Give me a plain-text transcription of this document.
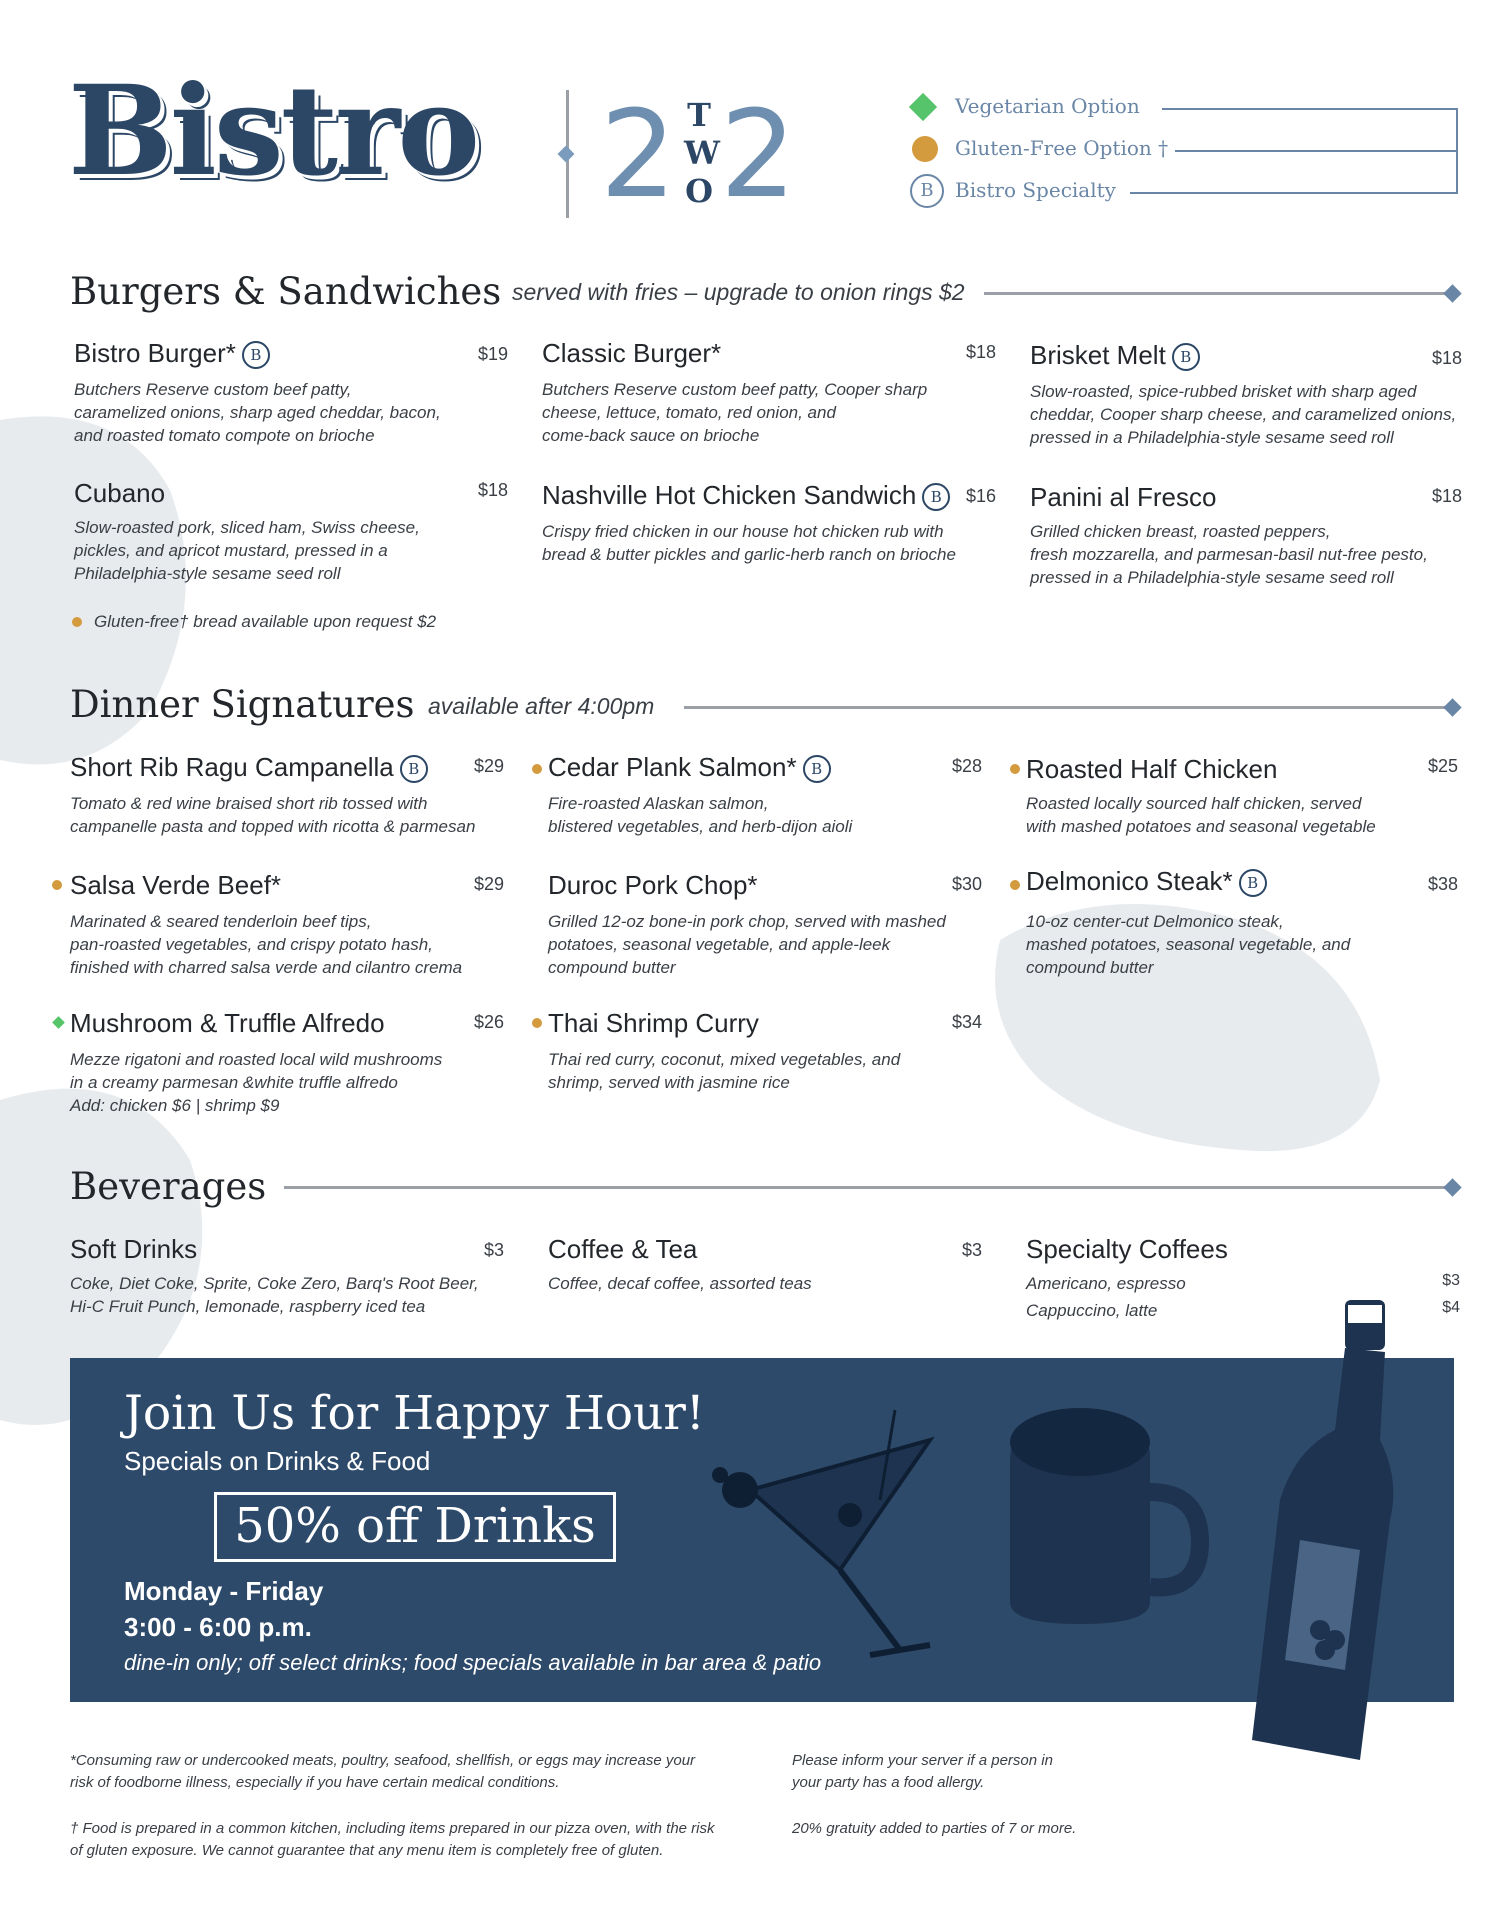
Bistro 2 T
W
O 2	Vegetarian Option
Gluten-Free Option †
B	Bistro Specialty
Burgers & Sandwiches served with fries – upgrade to onion rings $2
Bistro Burger* B	$19
Butchers Reserve custom beef patty,
caramelized onions, sharp aged cheddar, bacon,
and roasted tomato compote on brioche
Classic Burger*	$18
Butchers Reserve custom beef patty, Cooper sharp
cheese, lettuce, tomato, red onion, and
come-back sauce on brioche
Brisket Melt B	$18
Slow-roasted, spice-rubbed brisket with sharp aged
cheddar, Cooper sharp cheese, and caramelized onions,
pressed in a Philadelphia-style sesame seed roll
Cubano	$18
Slow-roasted pork, sliced ham, Swiss cheese,
pickles, and apricot mustard, pressed in a
Philadelphia-style sesame seed roll
Nashville Hot Chicken Sandwich B	$16
Crispy fried chicken in our house hot chicken rub with
bread & butter pickles and garlic-herb ranch on brioche
Panini al Fresco	$18
Grilled chicken breast, roasted peppers,
fresh mozzarella, and parmesan-basil nut-free pesto,
pressed in a Philadelphia-style sesame seed roll
Gluten-free† bread available upon request $2
Dinner Signatures available after 4:00pm
Short Rib Ragu Campanella B	$29
Tomato & red wine braised short rib tossed with
campanelle pasta and topped with ricotta & parmesan
Cedar Plank Salmon* B	$28
Fire-roasted Alaskan salmon,
blistered vegetables, and herb-dijon aioli
Roasted Half Chicken	$25
Roasted locally sourced half chicken, served
with mashed potatoes and seasonal vegetable
Salsa Verde Beef*	$29
Marinated & seared tenderloin beef tips,
pan-roasted vegetables, and crispy potato hash,
finished with charred salsa verde and cilantro crema
Duroc Pork Chop*	$30
Grilled 12-oz bone-in pork chop, served with mashed
potatoes, seasonal vegetable, and apple-leek
compound butter
Delmonico Steak* B	$38
10-oz center-cut Delmonico steak,
mashed potatoes, seasonal vegetable, and
compound butter
Mushroom & Truffle Alfredo	$26
Mezze rigatoni and roasted local wild mushrooms
in a creamy parmesan &white truffle alfredo
Add: chicken $6 | shrimp $9
Thai Shrimp Curry	$34
Thai red curry, coconut, mixed vegetables, and
shrimp, served with jasmine rice
Beverages
Soft Drinks	$3
Coke, Diet Coke, Sprite, Coke Zero, Barq's Root Beer,
Hi-C Fruit Punch, lemonade, raspberry iced tea
Coffee & Tea	$3
Coffee, decaf coffee, assorted teas
Specialty Coffees
Americano, espresso	$3
Cappuccino, latte	$4
Join Us for Happy Hour!
Specials on Drinks & Food
50% off Drinks
Monday - Friday
3:00 - 6:00 p.m.
dine-in only; off select drinks; food specials available in bar area & patio
*Consuming raw or undercooked meats, poultry, seafood, shellfish, or eggs may increase your
risk of foodborne illness, especially if you have certain medical conditions.
† Food is prepared in a common kitchen, including items prepared in our pizza oven, with the risk
of gluten exposure. We cannot guarantee that any menu item is completely free of gluten.
Please inform your server if a person in
your party has a food allergy.
20% gratuity added to parties of 7 or more.
